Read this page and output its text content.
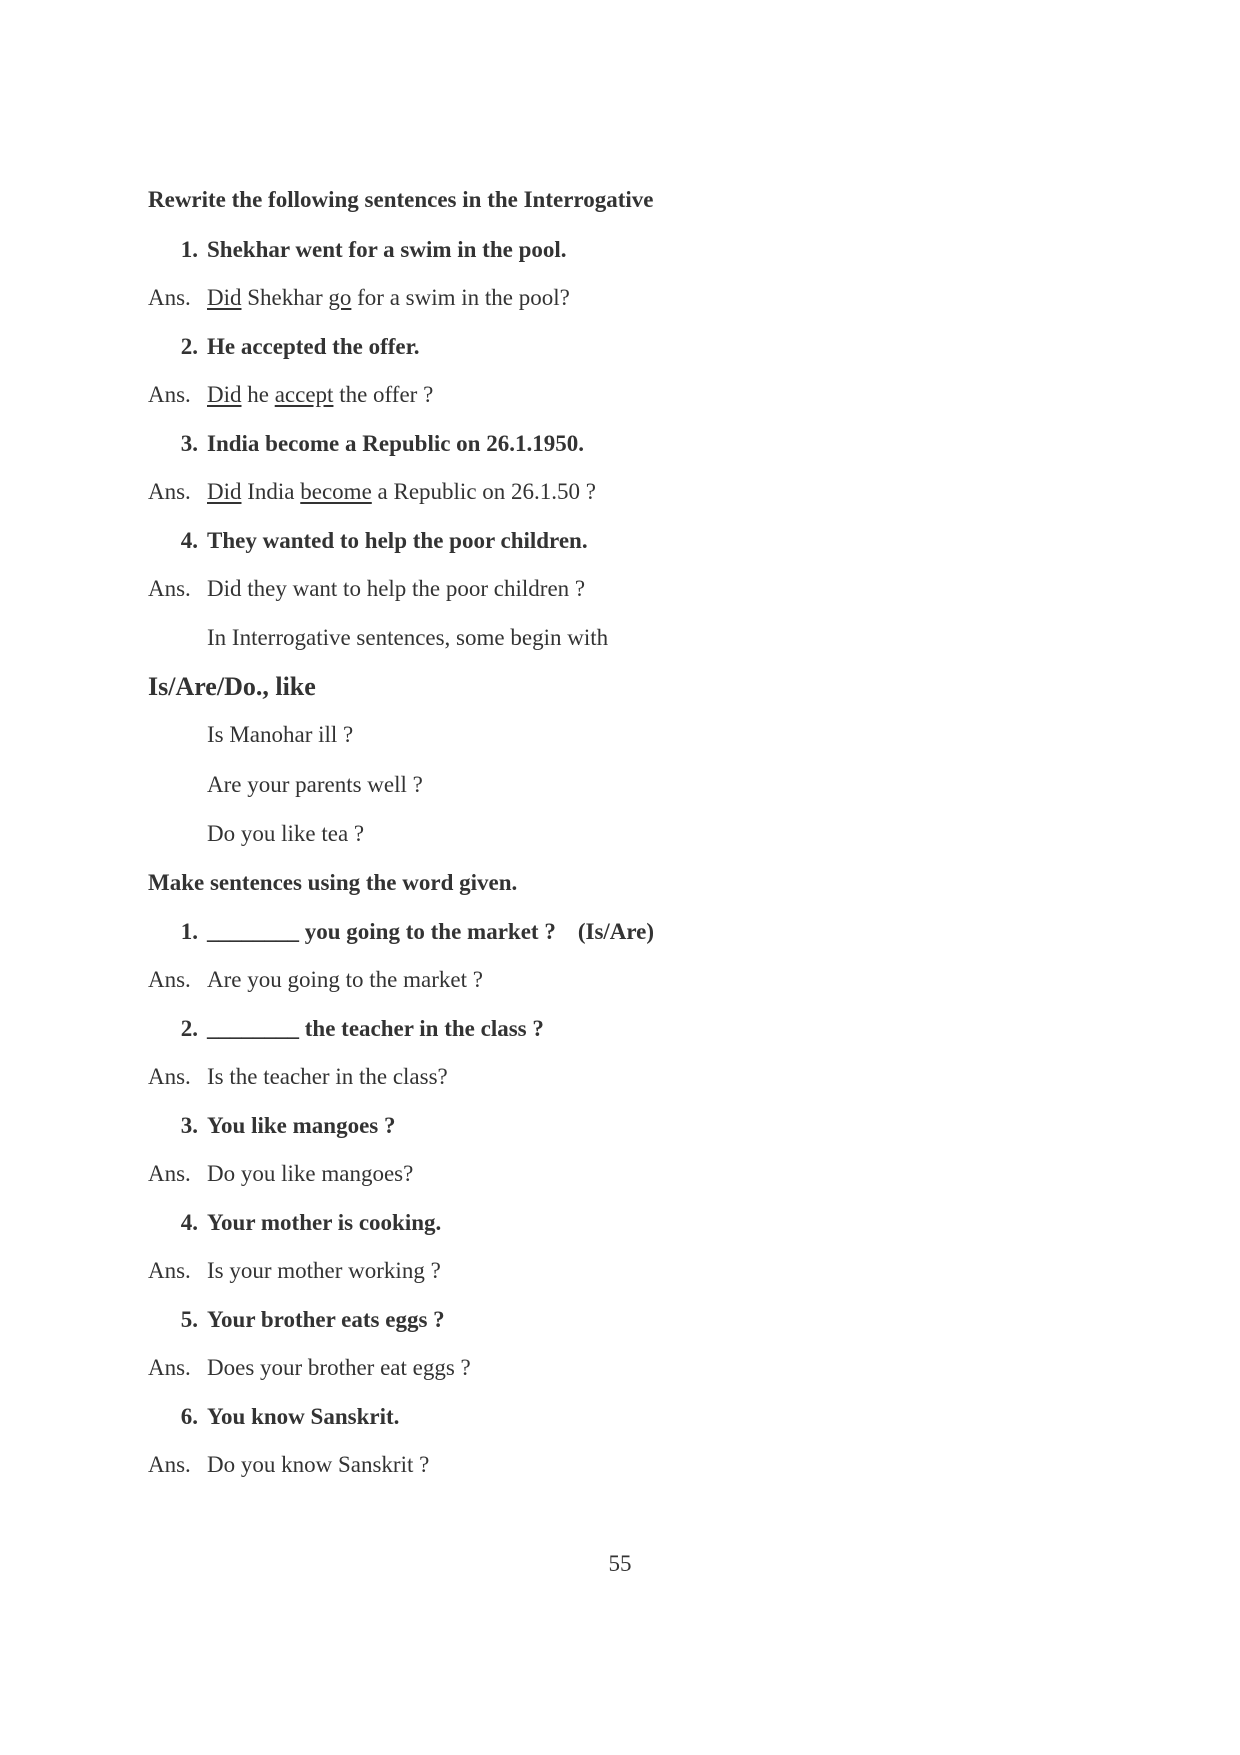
Rewrite the following sentences in the Interrogative
1. Shekhar went for a swim in the pool.
Ans. Did Shekhar go for a swim in the pool?
2. He accepted the offer.
Ans. Did he accept the offer ?
3. India become a Republic on 26.1.1950.
Ans. Did India become a Republic on 26.1.50 ?
4. They wanted to help the poor children.
Ans. Did they want to help the poor children ?
In Interrogative sentences, some begin with
Is/Are/Do., like
Is Manohar ill ?
Are your parents well ?
Do you like tea ?
Make sentences using the word given.
1. ________ you going to the market ? (Is/Are)
Ans. Are you going to the market ?
2. ________ the teacher in the class ?
Ans. Is the teacher in the class?
3. You like mangoes ?
Ans. Do you like mangoes?
4. Your mother is cooking.
Ans. Is your mother working ?
5. Your brother eats eggs ?
Ans. Does your brother eat eggs ?
6. You know Sanskrit.
Ans. Do you know Sanskrit ?
55
